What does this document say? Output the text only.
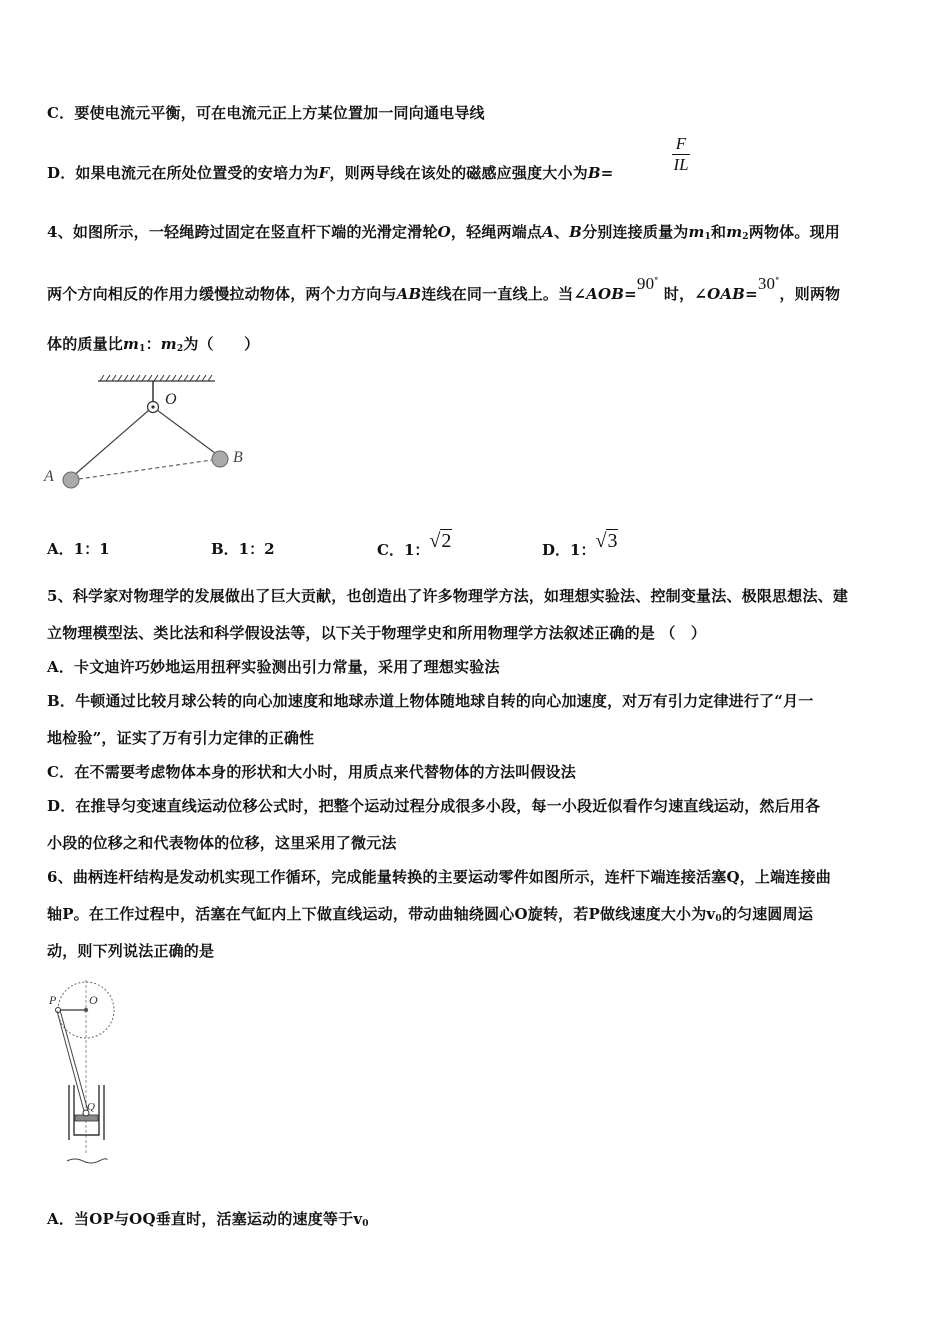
C．要使电流元平衡，可在电流元正上方某位置加一同向通电导线
D．如果电流元在所处位置受的安培力为F，则两导线在该处的磁感应强度大小为B=	$\frac{F}{IL}$
4、如图所示，一轻绳跨过固定在竖直杆下端的光滑定滑轮O，轻绳两端点A、B分别连接质量为$m_1$和$m_2$两物体。现用
两个方向相反的作用力缓慢拉动物体，两个力方向与AB连线在同一直线上。当∠AOB=90° 时，∠OAB=30°，则两物
体的质量比$m_1$：$m_2$为（　　）
O
A
B
A．1：1	B．1：2	C．1：√2	D．1：√3
5、科学家对物理学的发展做出了巨大贡献，也创造出了许多物理学方法，如理想实验法、控制变量法、极限思想法、建
立物理模型法、类比法和科学假设法等，以下关于物理学史和所用物理学方法叙述正确的是 （　）
A．卡文迪许巧妙地运用扭秤实验测出引力常量，采用了理想实验法
B．牛顿通过比较月球公转的向心加速度和地球赤道上物体随地球自转的向心加速度，对万有引力定律进行了“月一
地检验”，证实了万有引力定律的正确性
C．在不需要考虑物体本身的形状和大小时，用质点来代替物体的方法叫假设法
D．在推导匀变速直线运动位移公式时，把整个运动过程分成很多小段，每一小段近似看作匀速直线运动，然后用各
小段的位移之和代表物体的位移，这里采用了微元法
6、曲柄连杆结构是发动机实现工作循环，完成能量转换的主要运动零件如图所示，连杆下端连接活塞Q，上端连接曲
轴P。在工作过程中，活塞在气缸内上下做直线运动，带动曲轴绕圆心O旋转，若P做线速度大小为$v_0$的匀速圆周运
动，则下列说法正确的是
P	O
Q
A．当OP与OQ垂直时，活塞运动的速度等于$v_0$
